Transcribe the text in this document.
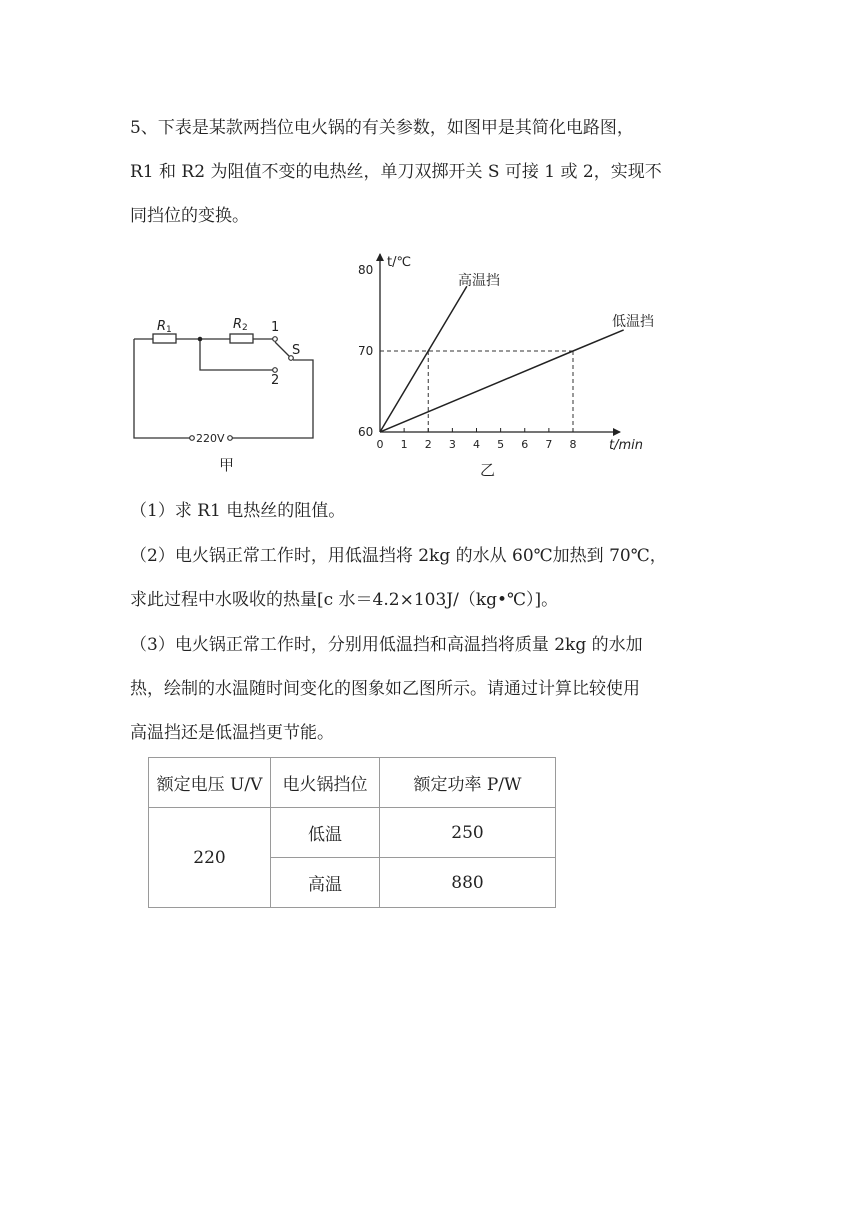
5、下表是某款两挡位电火锅的有关参数，如图甲是其简化电路图，
R1 和 R2 为阻值不变的电热丝，单刀双掷开关 S 可接 1 或 2，实现不
同挡位的变换。
R1	R2 1
2
S
220V
甲
0 1 2 3 4 5 6 7 8
60
70
80
高温挡
低温挡
t/℃
t/min
乙
（1）求 R1 电热丝的阻值。
（2）电火锅正常工作时，用低温挡将 2kg 的水从 60℃加热到 70℃，
求此过程中水吸收的热量[c 水＝4.2×103J/（kg•℃）]。
（3）电火锅正常工作时，分别用低温挡和高温挡将质量 2kg 的水加
热，绘制的水温随时间变化的图象如乙图所示。请通过计算比较使用
高温挡还是低温挡更节能。
额定电压 U/V	电火锅挡位	额定功率 P/W
220	低温	250
	高温	880
